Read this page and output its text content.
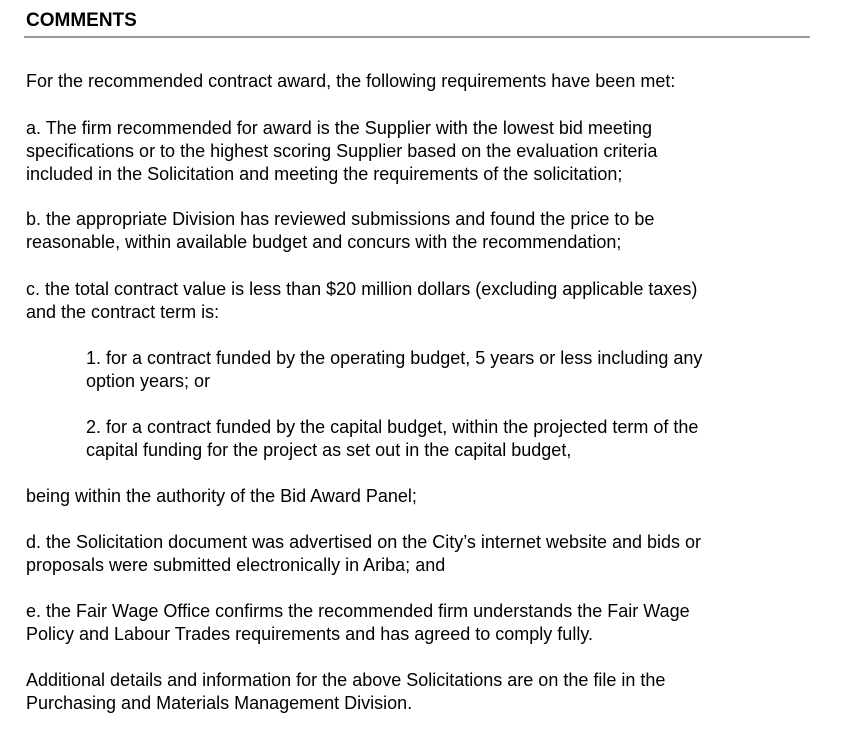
COMMENTS

For the recommended contract award, the following requirements have been met:

a. The firm recommended for award is the Supplier with the lowest bid meeting
specifications or to the highest scoring Supplier based on the evaluation criteria
included in the Solicitation and meeting the requirements of the solicitation;

b. the appropriate Division has reviewed submissions and found the price to be
reasonable, within available budget and concurs with the recommendation;

c. the total contract value is less than $20 million dollars (excluding applicable taxes)
and the contract term is:

1. for a contract funded by the operating budget, 5 years or less including any
option years; or

2. for a contract funded by the capital budget, within the projected term of the
capital funding for the project as set out in the capital budget,

being within the authority of the Bid Award Panel;

d. the Solicitation document was advertised on the City’s internet website and bids or
proposals were submitted electronically in Ariba; and

e. the Fair Wage Office confirms the recommended firm understands the Fair Wage
Policy and Labour Trades requirements and has agreed to comply fully.

Additional details and information for the above Solicitations are on the file in the
Purchasing and Materials Management Division.
